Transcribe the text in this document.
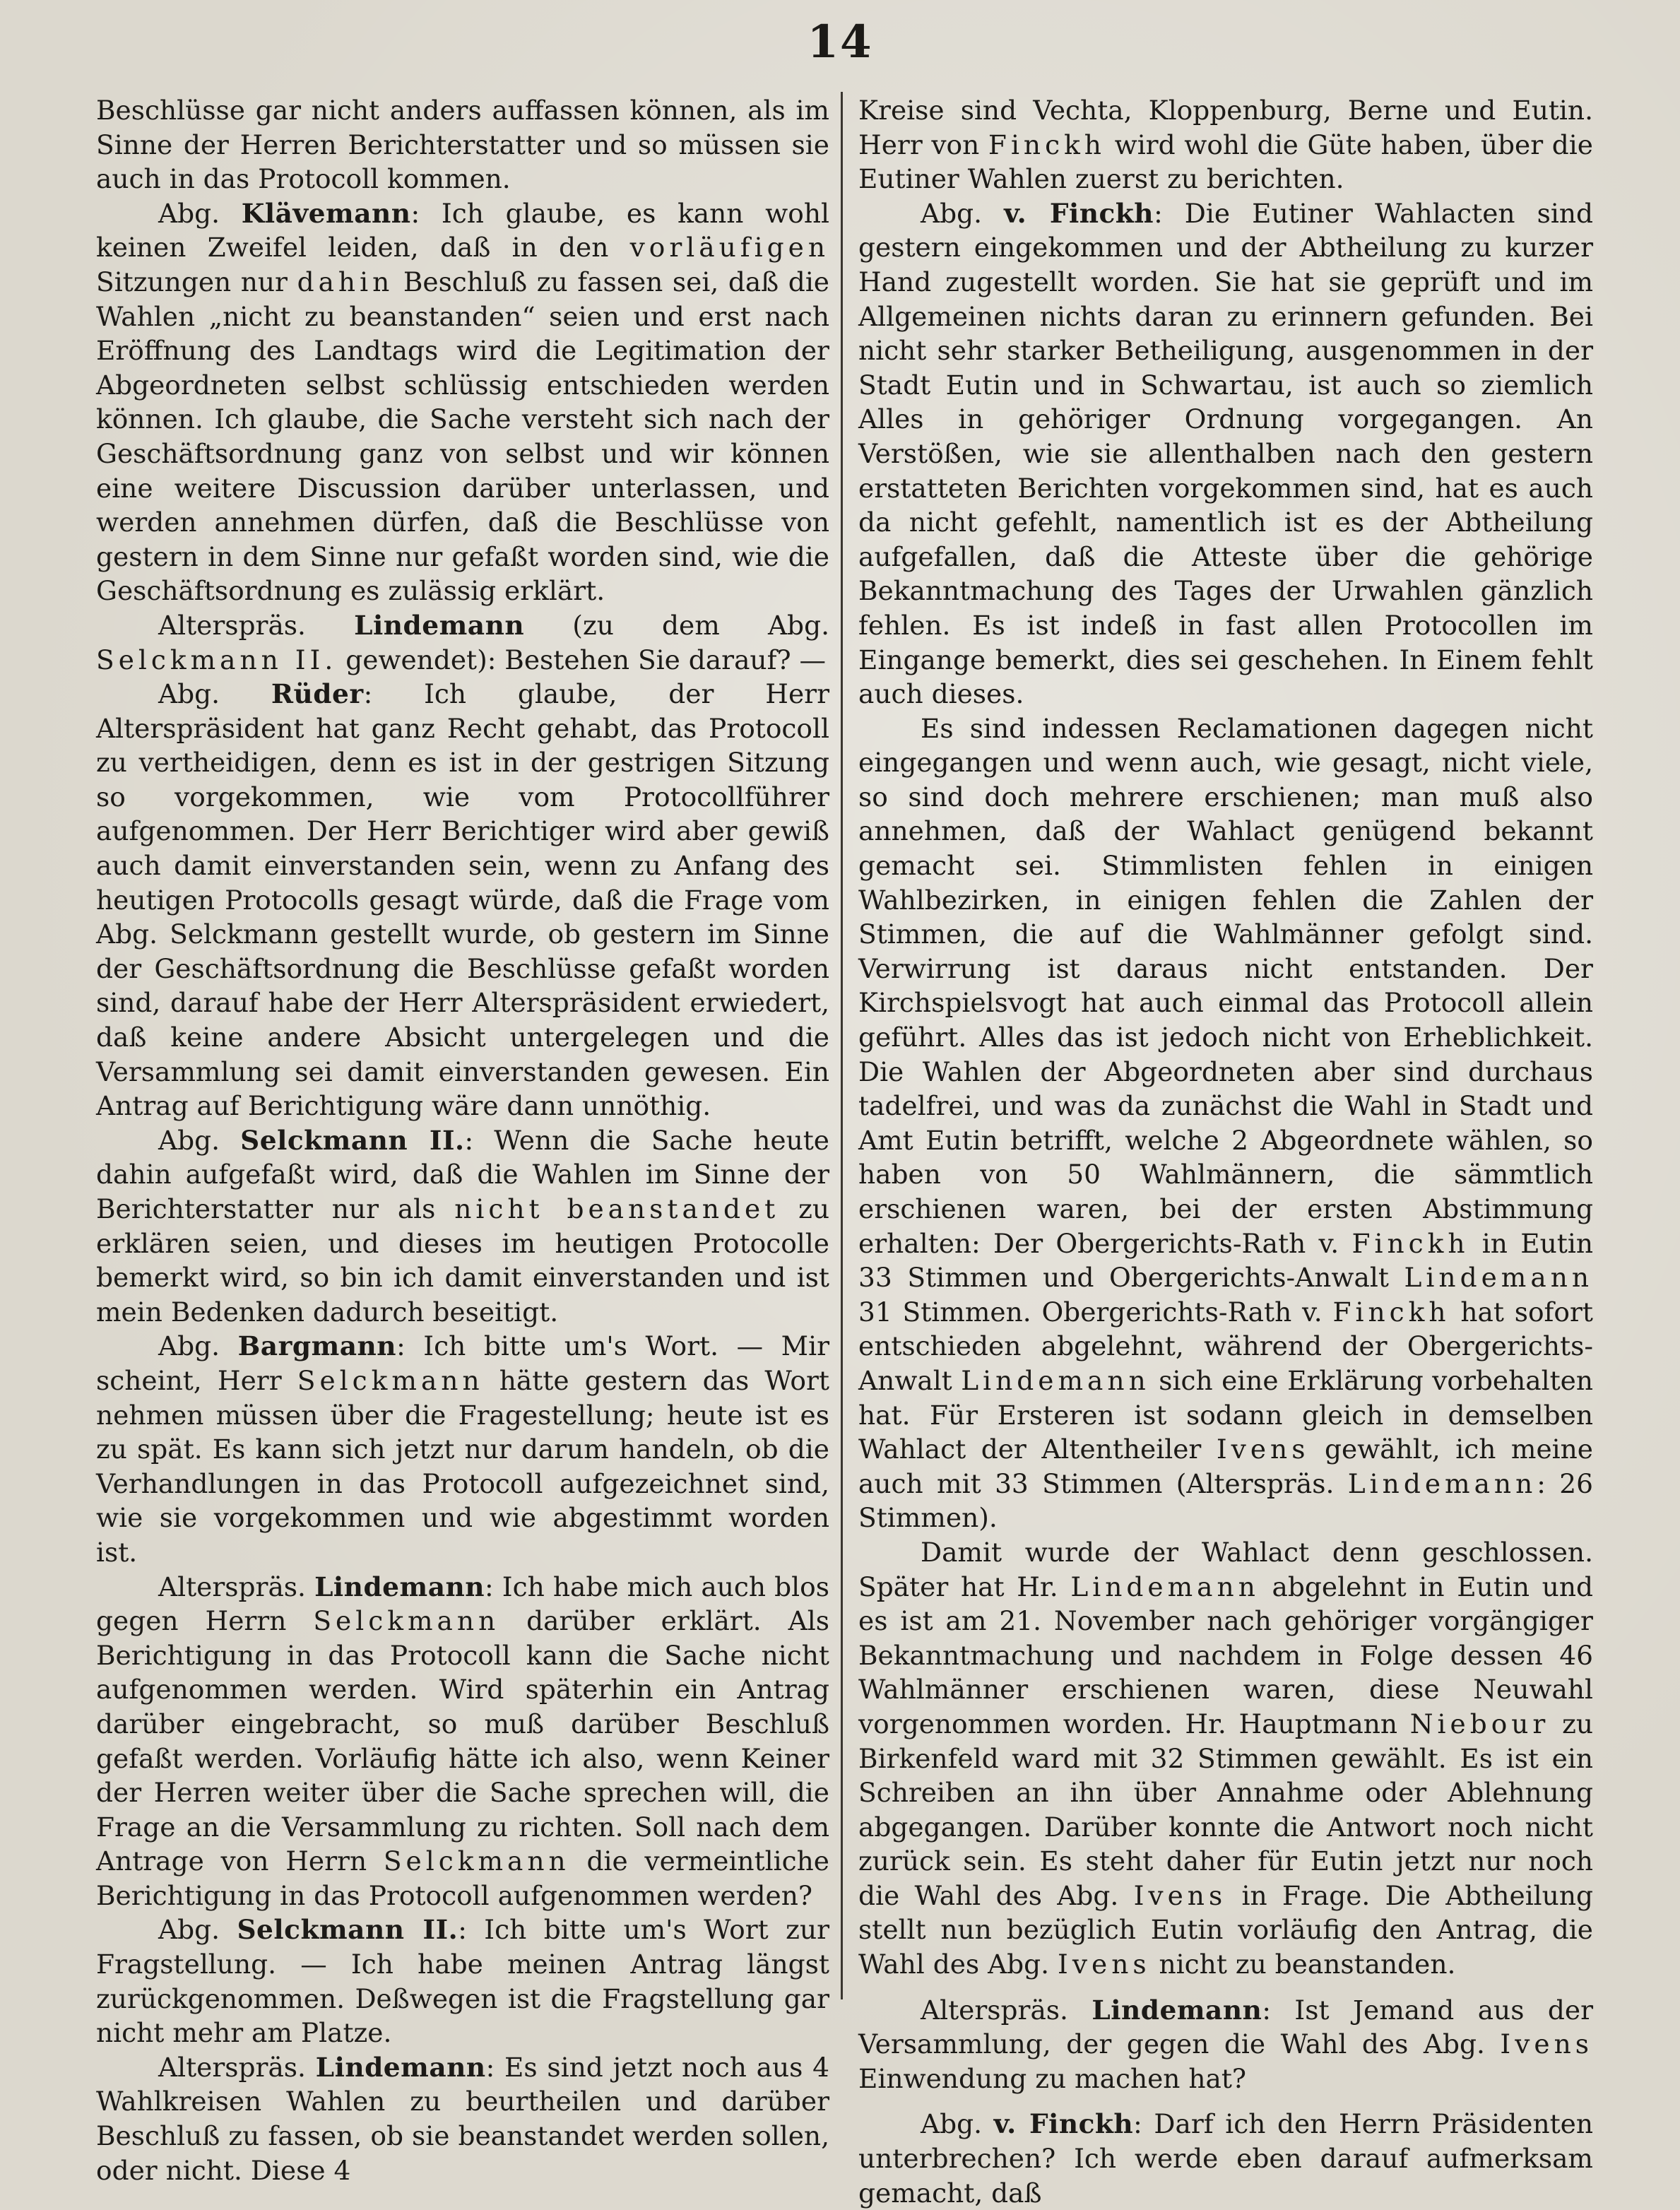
14

Beschlüsse gar nicht anders auffassen können, als im Sinne der Herren Berichterstatter und so müssen sie auch in das Protocoll kommen.

Abg. Klävemann: Ich glaube, es kann wohl keinen Zweifel leiden, daß in den vorläufigen Sitzungen nur dahin Beschluß zu fassen sei, daß die Wahlen „nicht zu beanstanden“ seien und erst nach Eröffnung des Landtags wird die Legitimation der Abgeordneten selbst schlüssig entschieden werden können. Ich glaube, die Sache versteht sich nach der Geschäftsordnung ganz von selbst und wir können eine weitere Discussion darüber unterlassen, und werden annehmen dürfen, daß die Beschlüsse von gestern in dem Sinne nur gefaßt worden sind, wie die Geschäftsordnung es zulässig erklärt.

Alterspräs. Lindemann (zu dem Abg. Selckmann II. gewendet): Bestehen Sie darauf? —

Abg. Rüder: Ich glaube, der Herr Alterspräsident hat ganz Recht gehabt, das Protocoll zu vertheidigen, denn es ist in der gestrigen Sitzung so vorgekommen, wie vom Protocollführer aufgenommen. Der Herr Berichtiger wird aber gewiß auch damit einverstanden sein, wenn zu Anfang des heutigen Protocolls gesagt würde, daß die Frage vom Abg. Selckmann gestellt wurde, ob gestern im Sinne der Geschäftsordnung die Beschlüsse gefaßt worden sind, darauf habe der Herr Alterspräsident erwiedert, daß keine andere Absicht untergelegen und die Versammlung sei damit einverstanden gewesen. Ein Antrag auf Berichtigung wäre dann unnöthig.

Abg. Selckmann II.: Wenn die Sache heute dahin aufgefaßt wird, daß die Wahlen im Sinne der Berichterstatter nur als nicht beanstandet zu erklären seien, und dieses im heutigen Protocolle bemerkt wird, so bin ich damit einverstanden und ist mein Bedenken dadurch beseitigt.

Abg. Bargmann: Ich bitte um's Wort. — Mir scheint, Herr Selckmann hätte gestern das Wort nehmen müssen über die Fragestellung; heute ist es zu spät. Es kann sich jetzt nur darum handeln, ob die Verhandlungen in das Protocoll aufgezeichnet sind, wie sie vorgekommen und wie abgestimmt worden ist.

Alterspräs. Lindemann: Ich habe mich auch blos gegen Herrn Selckmann darüber erklärt. Als Berichtigung in das Protocoll kann die Sache nicht aufgenommen werden. Wird späterhin ein Antrag darüber eingebracht, so muß darüber Beschluß gefaßt werden. Vorläufig hätte ich also, wenn Keiner der Herren weiter über die Sache sprechen will, die Frage an die Versammlung zu richten. Soll nach dem Antrage von Herrn Selckmann die vermeintliche Berichtigung in das Protocoll aufgenommen werden?

Abg. Selckmann II.: Ich bitte um's Wort zur Fragstellung. — Ich habe meinen Antrag längst zurückgenommen. Deßwegen ist die Fragstellung gar nicht mehr am Platze.

Alterspräs. Lindemann: Es sind jetzt noch aus 4 Wahlkreisen Wahlen zu beurtheilen und darüber Beschluß zu fassen, ob sie beanstandet werden sollen, oder nicht. Diese 4

Kreise sind Vechta, Kloppenburg, Berne und Eutin. Herr von Finckh wird wohl die Güte haben, über die Eutiner Wahlen zuerst zu berichten.

Abg. v. Finckh: Die Eutiner Wahlacten sind gestern eingekommen und der Abtheilung zu kurzer Hand zugestellt worden. Sie hat sie geprüft und im Allgemeinen nichts daran zu erinnern gefunden. Bei nicht sehr starker Betheiligung, ausgenommen in der Stadt Eutin und in Schwartau, ist auch so ziemlich Alles in gehöriger Ordnung vorgegangen. An Verstößen, wie sie allenthalben nach den gestern erstatteten Berichten vorgekommen sind, hat es auch da nicht gefehlt, namentlich ist es der Abtheilung aufgefallen, daß die Atteste über die gehörige Bekanntmachung des Tages der Urwahlen gänzlich fehlen. Es ist indeß in fast allen Protocollen im Eingange bemerkt, dies sei geschehen. In Einem fehlt auch dieses.

Es sind indessen Reclamationen dagegen nicht eingegangen und wenn auch, wie gesagt, nicht viele, so sind doch mehrere erschienen; man muß also annehmen, daß der Wahlact genügend bekannt gemacht sei. Stimmlisten fehlen in einigen Wahlbezirken, in einigen fehlen die Zahlen der Stimmen, die auf die Wahlmänner gefolgt sind. Verwirrung ist daraus nicht entstanden. Der Kirchspielsvogt hat auch einmal das Protocoll allein geführt. Alles das ist jedoch nicht von Erheblichkeit. Die Wahlen der Abgeordneten aber sind durchaus tadelfrei, und was da zunächst die Wahl in Stadt und Amt Eutin betrifft, welche 2 Abgeordnete wählen, so haben von 50 Wahlmännern, die sämmtlich erschienen waren, bei der ersten Abstimmung erhalten: Der Obergerichts-Rath v. Finckh in Eutin 33 Stimmen und Obergerichts-Anwalt Lindemann 31 Stimmen. Obergerichts-Rath v. Finckh hat sofort entschieden abgelehnt, während der Obergerichts-Anwalt Lindemann sich eine Erklärung vorbehalten hat. Für Ersteren ist sodann gleich in demselben Wahlact der Altentheiler Ivens gewählt, ich meine auch mit 33 Stimmen (Alterspräs. Lindemann: 26 Stimmen).

Damit wurde der Wahlact denn geschlossen. Später hat Hr. Lindemann abgelehnt in Eutin und es ist am 21. November nach gehöriger vorgängiger Bekanntmachung und nachdem in Folge dessen 46 Wahlmänner erschienen waren, diese Neuwahl vorgenommen worden. Hr. Hauptmann Niebour zu Birkenfeld ward mit 32 Stimmen gewählt. Es ist ein Schreiben an ihn über Annahme oder Ablehnung abgegangen. Darüber konnte die Antwort noch nicht zurück sein. Es steht daher für Eutin jetzt nur noch die Wahl des Abg. Ivens in Frage. Die Abtheilung stellt nun bezüglich Eutin vorläufig den Antrag, die Wahl des Abg. Ivens nicht zu beanstanden.

Alterspräs. Lindemann: Ist Jemand aus der Versammlung, der gegen die Wahl des Abg. Ivens Einwendung zu machen hat?

Abg. v. Finckh: Darf ich den Herrn Präsidenten unterbrechen? Ich werde eben darauf aufmerksam gemacht, daß
